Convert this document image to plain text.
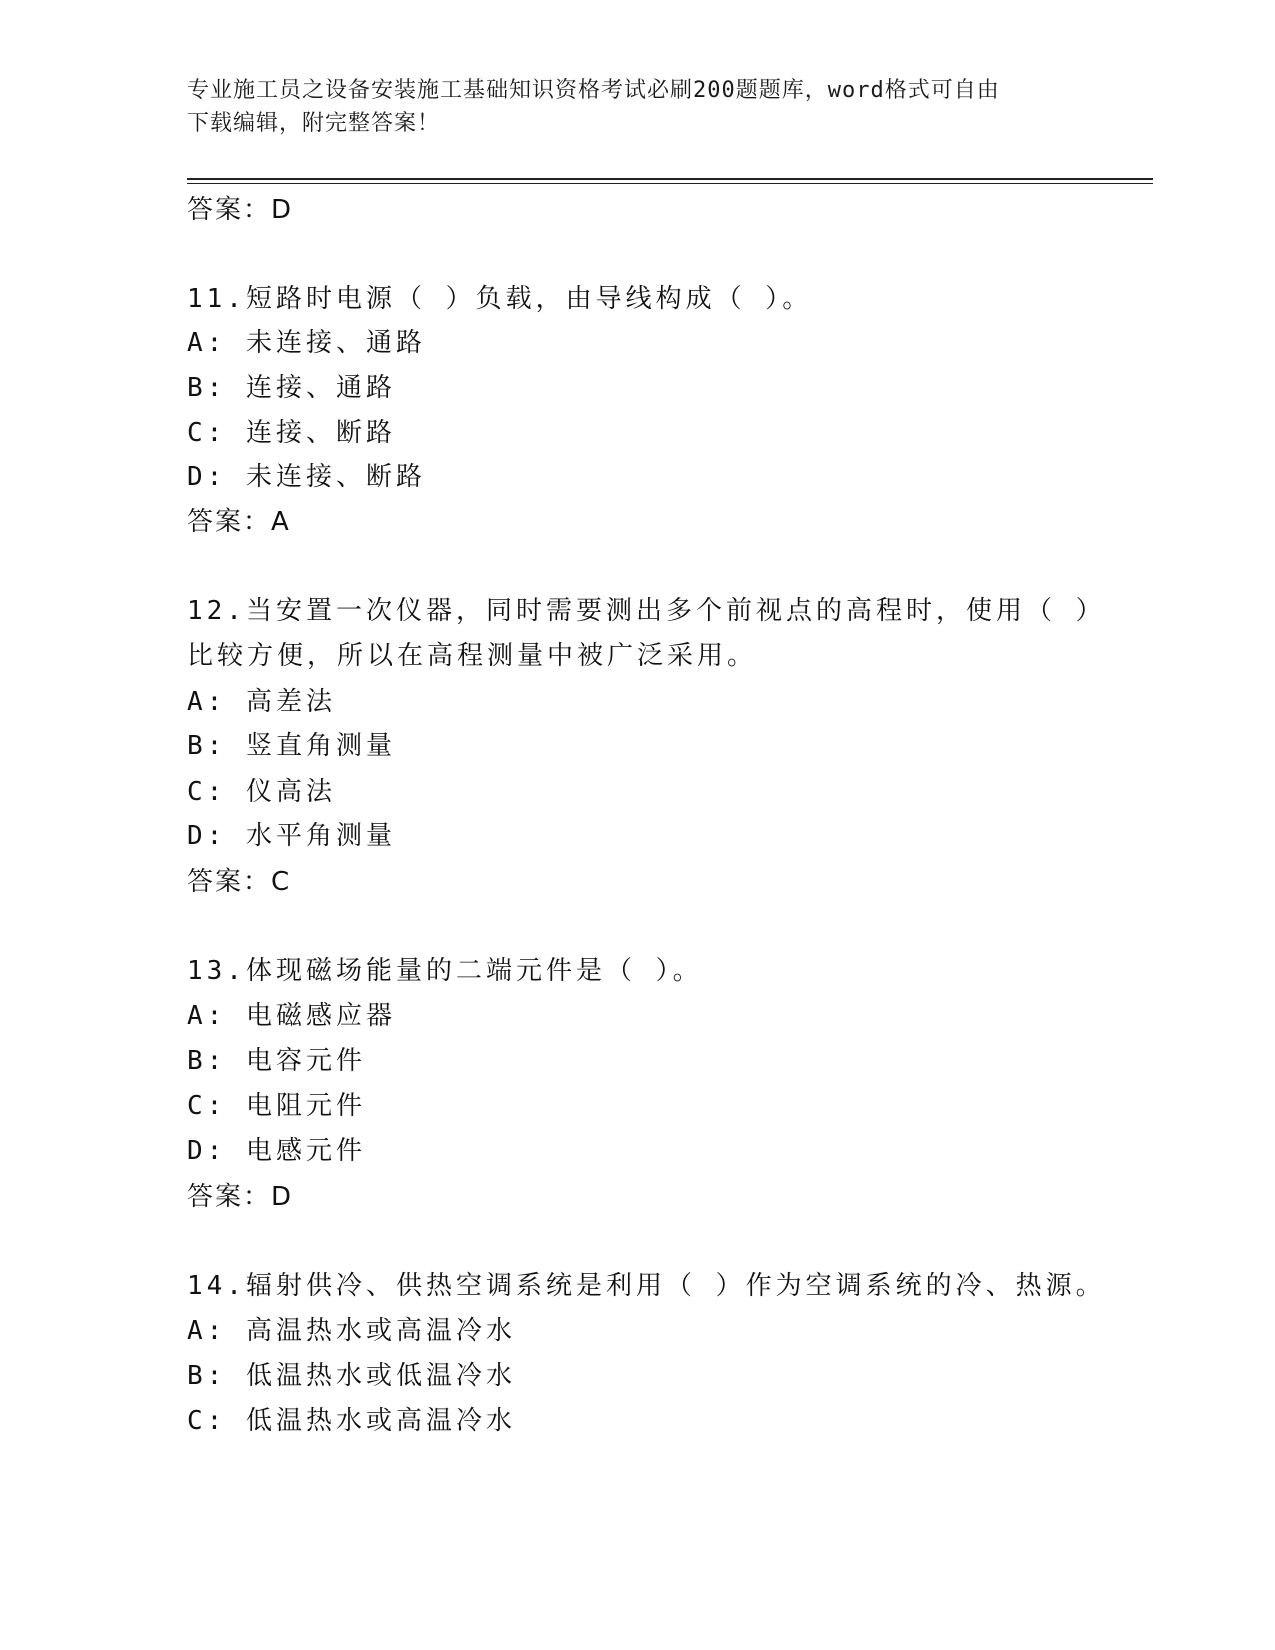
专业施工员之设备安装施工基础知识资格考试必刷200题题库，word格式可自由
下载编辑，附完整答案！
答案：D
11.短路时电源（ ）负载，由导线构成（ ）。
A: 未连接、通路
B: 连接、通路
C: 连接、断路
D: 未连接、断路
答案：A
12.当安置一次仪器，同时需要测出多个前视点的高程时，使用（ ）
比较方便，所以在高程测量中被广泛采用。
A: 高差法
B: 竖直角测量
C: 仪高法
D: 水平角测量
答案：C
13.体现磁场能量的二端元件是（ ）。
A: 电磁感应器
B: 电容元件
C: 电阻元件
D: 电感元件
答案：D
14.辐射供冷、供热空调系统是利用（ ）作为空调系统的冷、热源。
A: 高温热水或高温冷水
B: 低温热水或低温冷水
C: 低温热水或高温冷水
